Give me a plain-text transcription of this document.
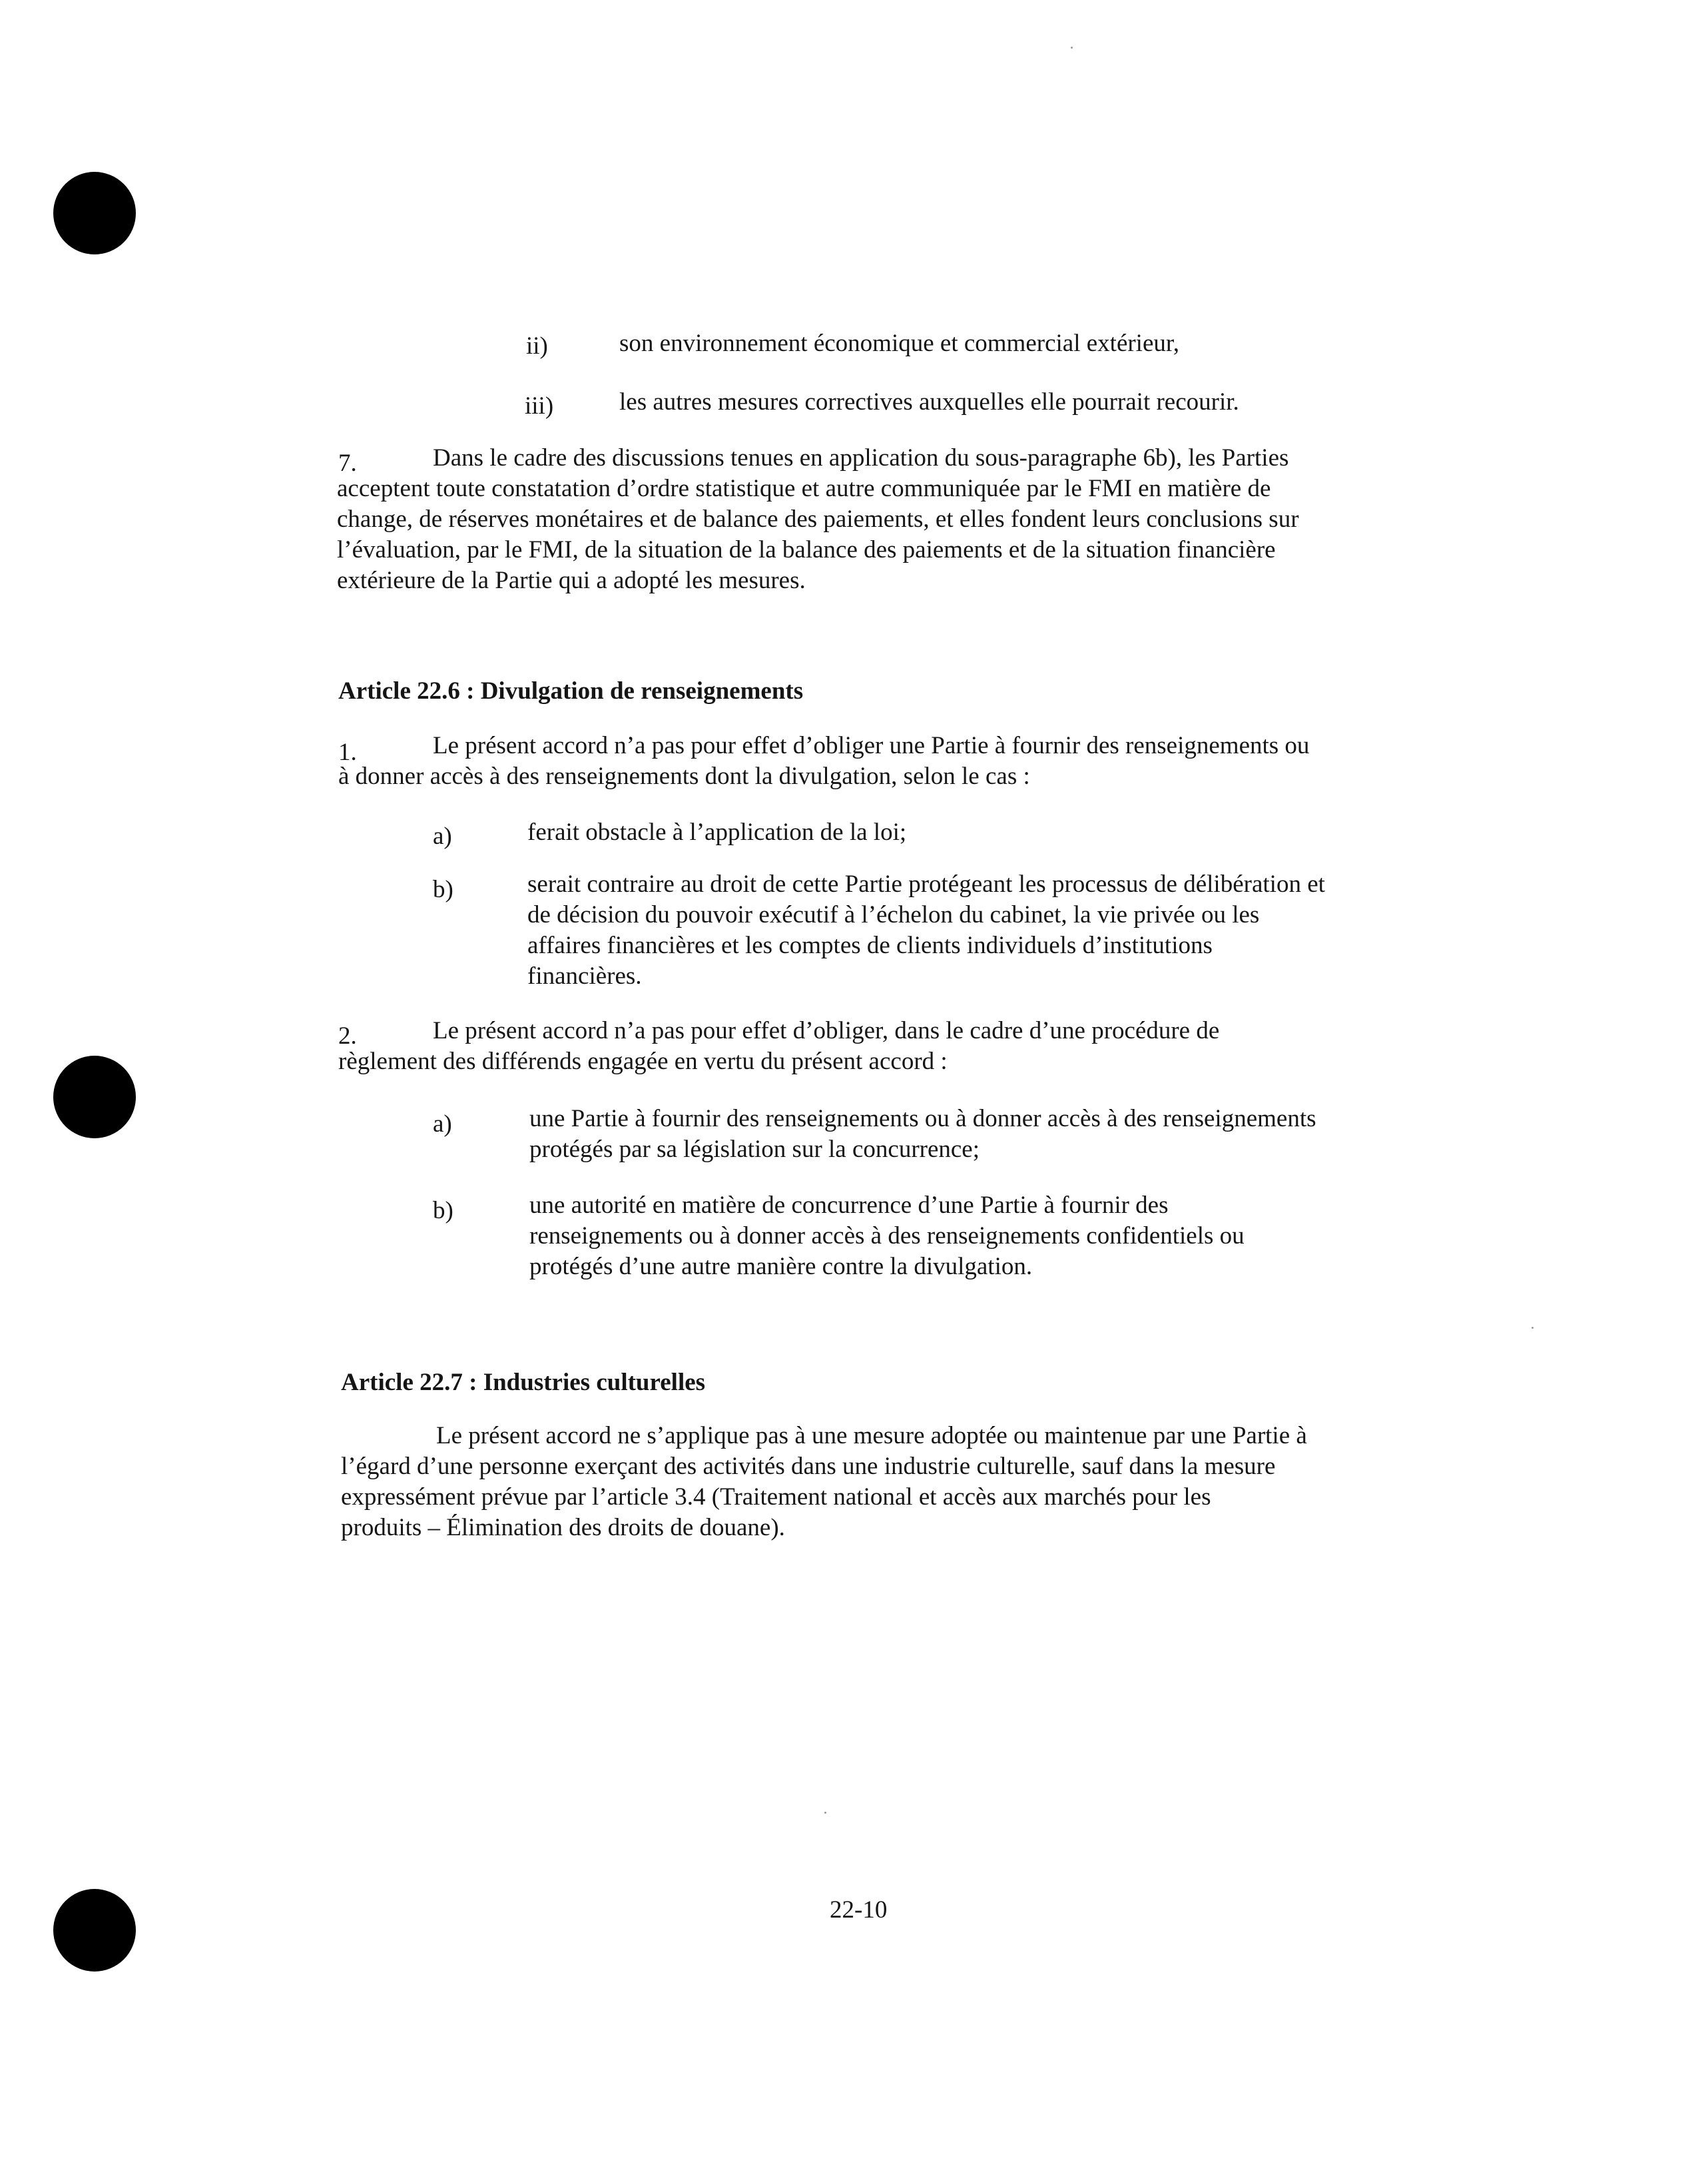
ii)	son environnement économique et commercial extérieur,
iii)	les autres mesures correctives auxquelles elle pourrait recourir.
7.	Dans le cadre des discussions tenues en application du sous-paragraphe 6b), les Parties
acceptent toute constatation d’ordre statistique et autre communiquée par le FMI en matière de
change, de réserves monétaires et de balance des paiements, et elles fondent leurs conclusions sur
l’évaluation, par le FMI, de la situation de la balance des paiements et de la situation financière
extérieure de la Partie qui a adopté les mesures.
Article 22.6 : Divulgation de renseignements
1.	Le présent accord n’a pas pour effet d’obliger une Partie à fournir des renseignements ou
à donner accès à des renseignements dont la divulgation, selon le cas :
a)	ferait obstacle à l’application de la loi;
b)	serait contraire au droit de cette Partie protégeant les processus de délibération et
de décision du pouvoir exécutif à l’échelon du cabinet, la vie privée ou les
affaires financières et les comptes de clients individuels d’institutions
financières.
2.	Le présent accord n’a pas pour effet d’obliger, dans le cadre d’une procédure de
règlement des différends engagée en vertu du présent accord :
a)	une Partie à fournir des renseignements ou à donner accès à des renseignements
protégés par sa législation sur la concurrence;
b)	une autorité en matière de concurrence d’une Partie à fournir des
renseignements ou à donner accès à des renseignements confidentiels ou
protégés d’une autre manière contre la divulgation.
Article 22.7 : Industries culturelles
Le présent accord ne s’applique pas à une mesure adoptée ou maintenue par une Partie à
l’égard d’une personne exerçant des activités dans une industrie culturelle, sauf dans la mesure
expressément prévue par l’article 3.4 (Traitement national et accès aux marchés pour les
produits – Élimination des droits de douane).
22-10
